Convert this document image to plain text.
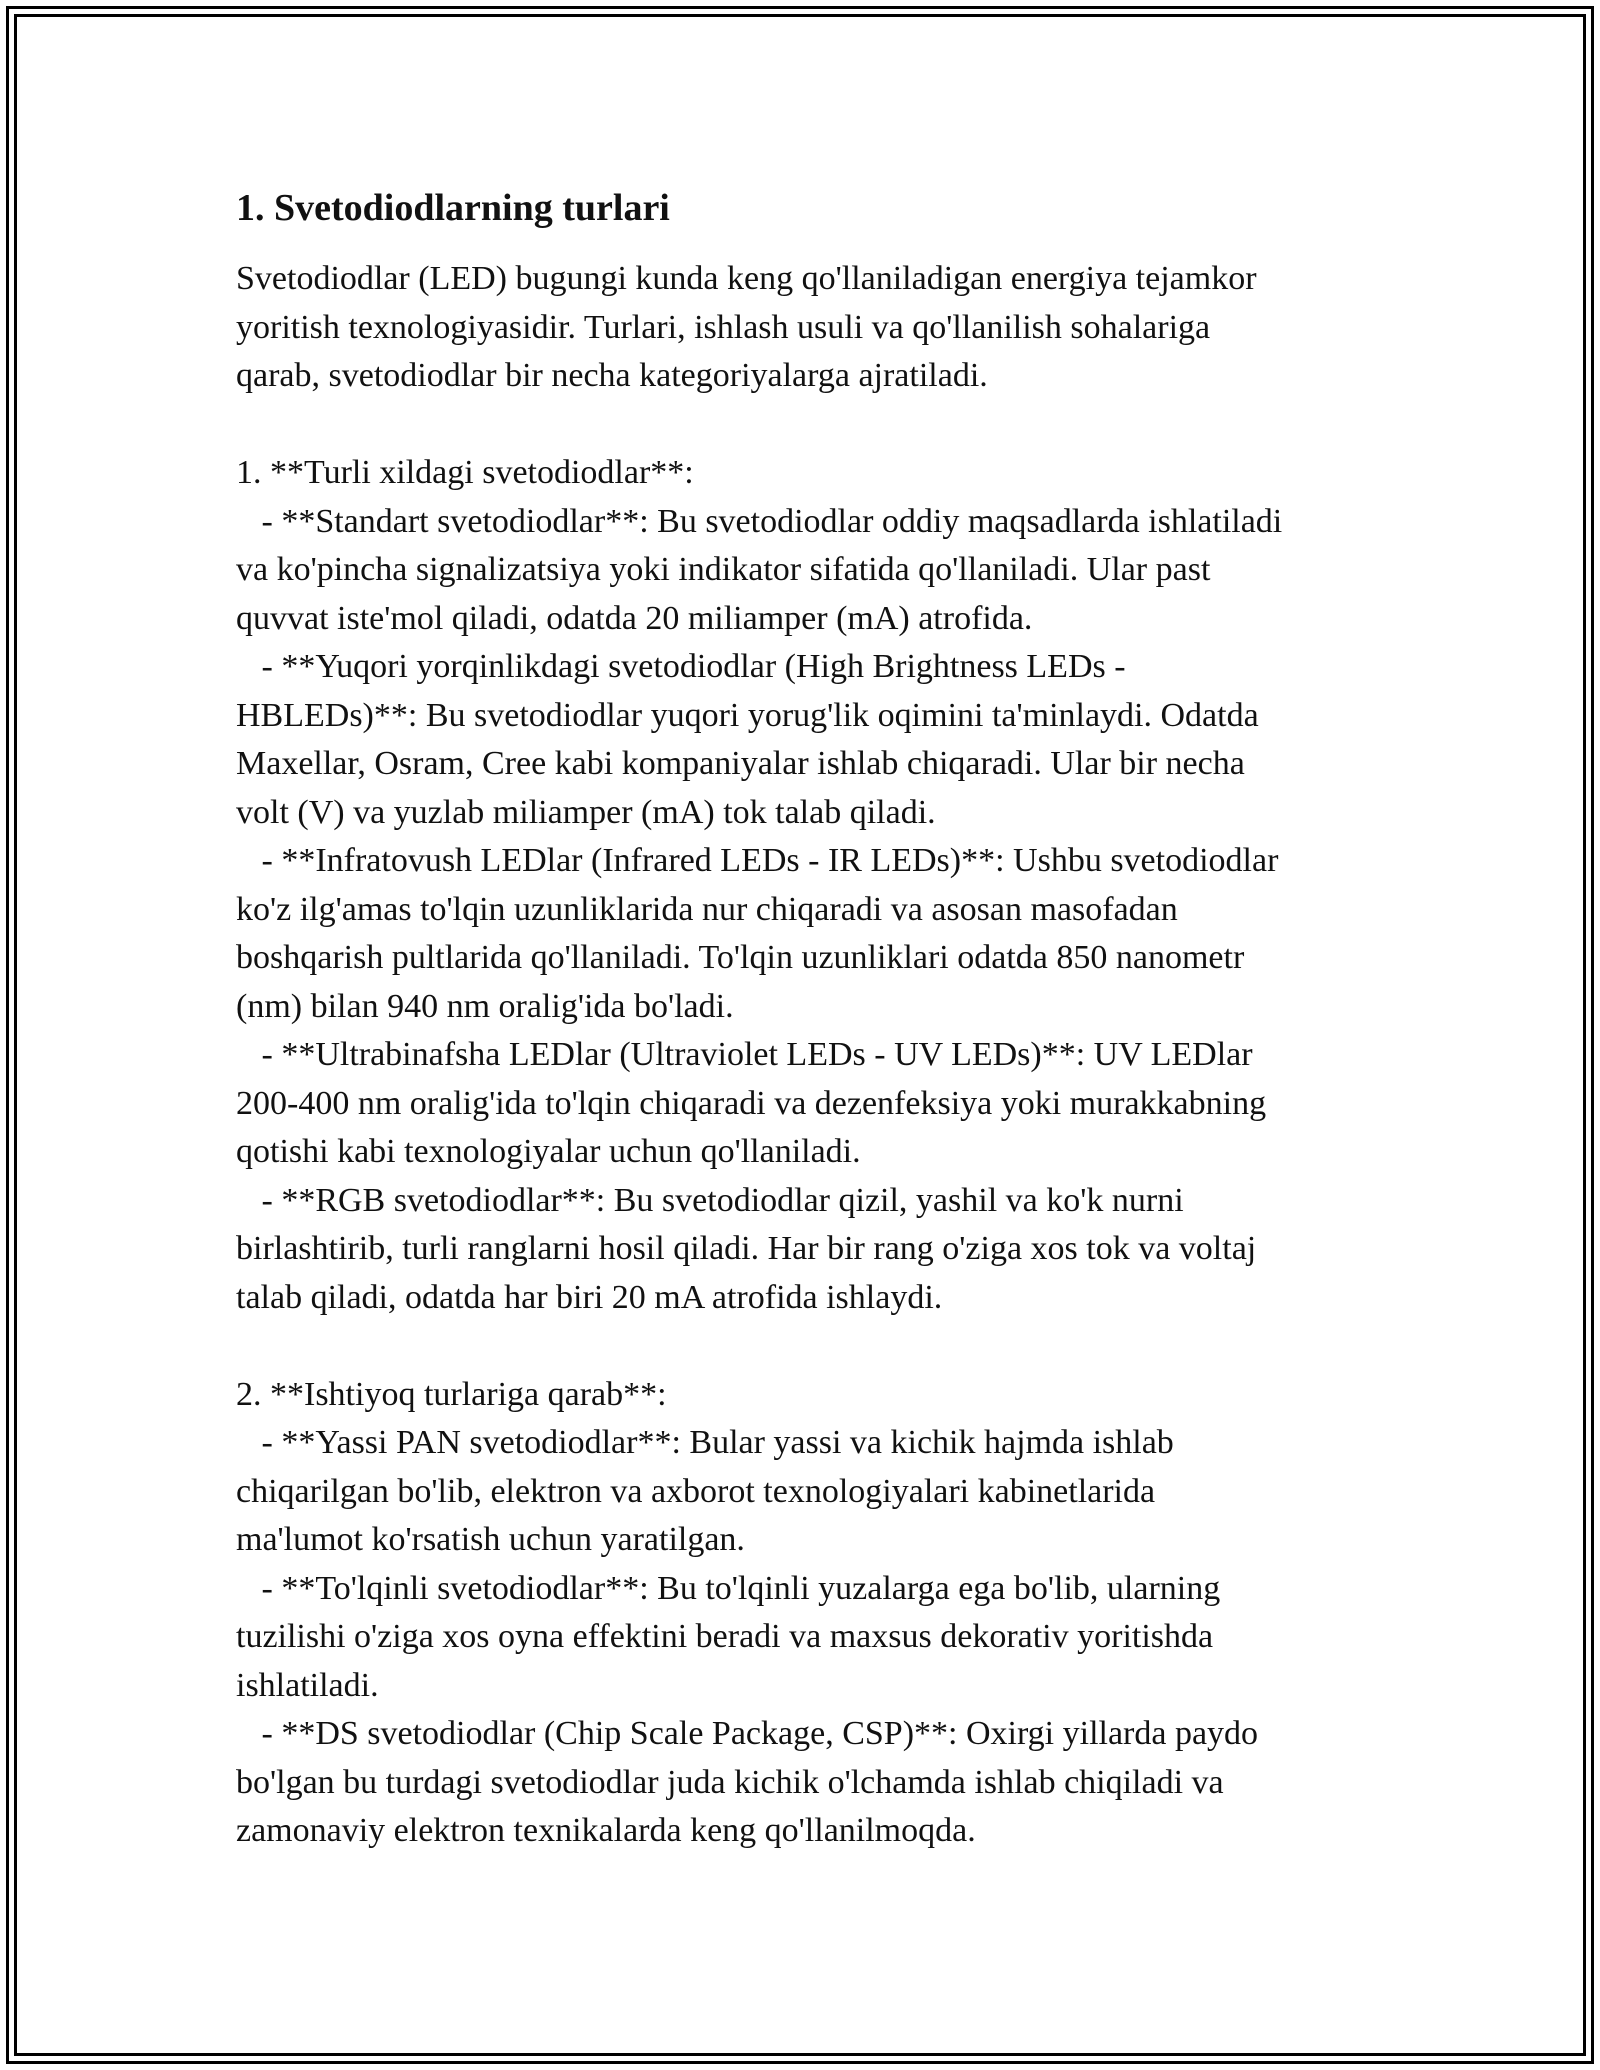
1. Svetodiodlarning turlari
Svetodiodlar (LED) bugungi kunda keng qo'llaniladigan energiya tejamkor
yoritish texnologiyasidir. Turlari, ishlash usuli va qo'llanilish sohalariga
qarab, svetodiodlar bir necha kategoriyalarga ajratiladi.

1. **Turli xildagi svetodiodlar**:
- **Standart svetodiodlar**: Bu svetodiodlar oddiy maqsadlarda ishlatiladi
va ko'pincha signalizatsiya yoki indikator sifatida qo'llaniladi. Ular past
quvvat iste'mol qiladi, odatda 20 miliamper (mA) atrofida.
- **Yuqori yorqinlikdagi svetodiodlar (High Brightness LEDs -
HBLEDs)**: Bu svetodiodlar yuqori yorug'lik oqimini ta'minlaydi. Odatda
Maxellar, Osram, Cree kabi kompaniyalar ishlab chiqaradi. Ular bir necha
volt (V) va yuzlab miliamper (mA) tok talab qiladi.
- **Infratovush LEDlar (Infrared LEDs - IR LEDs)**: Ushbu svetodiodlar
ko'z ilg'amas to'lqin uzunliklarida nur chiqaradi va asosan masofadan
boshqarish pultlarida qo'llaniladi. To'lqin uzunliklari odatda 850 nanometr
(nm) bilan 940 nm oralig'ida bo'ladi.
- **Ultrabinafsha LEDlar (Ultraviolet LEDs - UV LEDs)**: UV LEDlar
200-400 nm oralig'ida to'lqin chiqaradi va dezenfeksiya yoki murakkabning
qotishi kabi texnologiyalar uchun qo'llaniladi.
- **RGB svetodiodlar**: Bu svetodiodlar qizil, yashil va ko'k nurni
birlashtirib, turli ranglarni hosil qiladi. Har bir rang o'ziga xos tok va voltaj
talab qiladi, odatda har biri 20 mA atrofida ishlaydi.

2. **Ishtiyoq turlariga qarab**:
- **Yassi PAN svetodiodlar**: Bular yassi va kichik hajmda ishlab
chiqarilgan bo'lib, elektron va axborot texnologiyalari kabinetlarida
ma'lumot ko'rsatish uchun yaratilgan.
- **To'lqinli svetodiodlar**: Bu to'lqinli yuzalarga ega bo'lib, ularning
tuzilishi o'ziga xos oyna effektini beradi va maxsus dekorativ yoritishda
ishlatiladi.
- **DS svetodiodlar (Chip Scale Package, CSP)**: Oxirgi yillarda paydo
bo'lgan bu turdagi svetodiodlar juda kichik o'lchamda ishlab chiqiladi va
zamonaviy elektron texnikalarda keng qo'llanilmoqda.
